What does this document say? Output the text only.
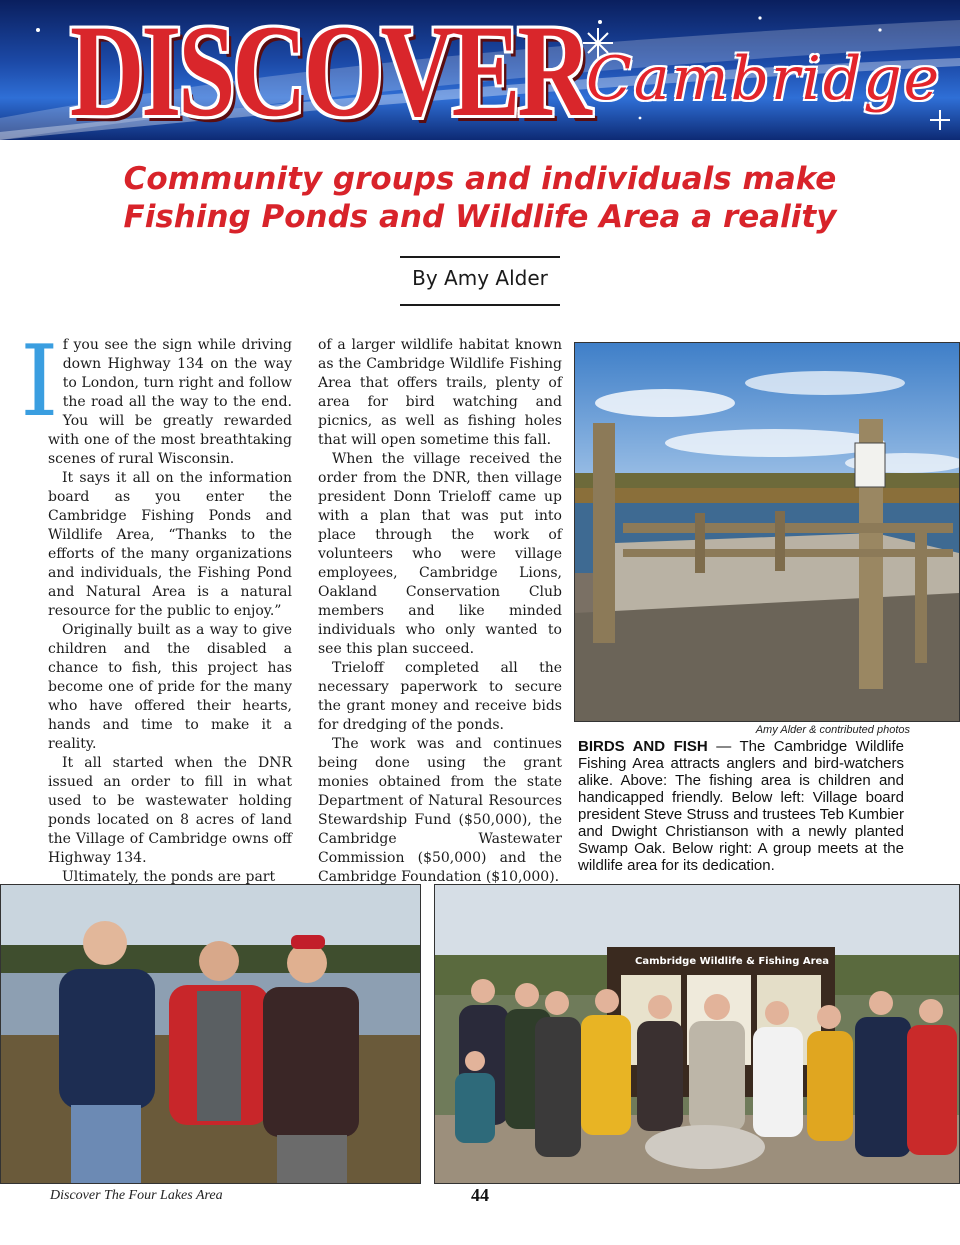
DISCOVER
Cambridge
Community groups and individuals make
Fishing Ponds and Wildlife Area a reality
By Amy Alder

If you see the sign while driving down Highway 134 on the way to London, turn right and follow the road all the way to the end. You will be greatly rewarded with one of the most breathtaking scenes of rural Wisconsin.

It says it all on the information board as you enter the Cambridge Fishing Ponds and Wildlife Area, “Thanks to the efforts of the many organizations and individuals, the Fishing Pond and Natural Area is a natural resource for the public to enjoy.”

Originally built as a way to give children and the disabled a chance to fish, this project has become one of pride for the many who have offered their hearts, hands and time to make it a reality.

It all started when the DNR issued an order to fill in what used to be wastewater holding ponds located on 8 acres of land the Village of Cambridge owns off Highway 134.

Ultimately, the ponds are part

of a larger wildlife habitat known as the Cambridge Wildlife Fishing Area that offers trails, plenty of area for bird watching and picnics, as well as fishing holes that will open sometime this fall.

When the village received the order from the DNR, then village president Donn Trieloff came up with a plan that was put into place through the work of volunteers who were village employees, Cambridge Lions, Oakland Conservation Club members and like minded individuals who only wanted to see this plan succeed.

Trieloff completed all the necessary paperwork to secure the grant money and receive bids for dredging of the ponds.

The work was and continues being done using the grant monies obtained from the state Department of Natural Resources Stewardship Fund ($50,000), the Cambridge Wastewater Commission ($50,000) and the Cambridge Foundation ($10,000).

Amy Alder & contributed photos
BIRDS AND FISH — The Cambridge Wildlife Fishing Area attracts anglers and bird-watchers alike. Above: The fishing area is children and handicapped friendly. Below left: Village board president Steve Struss and trustees Teb Kumbier and Dwight Christianson with a newly planted Swamp Oak. Below right: A group meets at the wildlife area for its dedication.
Cambridge Wildlife & Fishing Area
Discover The Four Lakes Area	44
